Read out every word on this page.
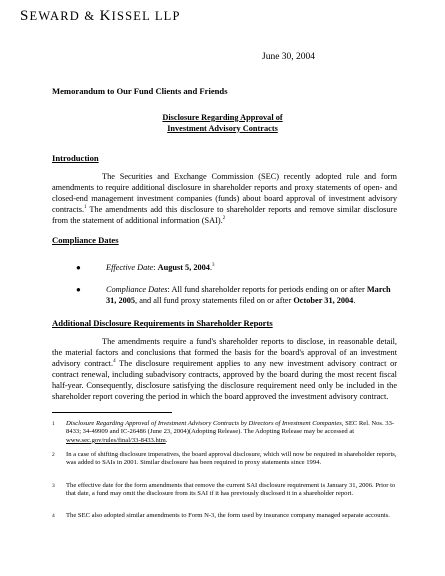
SEWARD & KISSEL LLP
June 30, 2004
Memorandum to Our Fund Clients and Friends
Disclosure Regarding Approval of
Investment Advisory Contracts
Introduction
The Securities and Exchange Commission (SEC) recently adopted rule and form amendments to require additional disclosure in shareholder reports and proxy statements of open- and closed-end management investment companies (funds) about board approval of investment advisory contracts.$^1$ The amendments add this disclosure to shareholder reports and remove similar disclosure from the statement of additional information (SAI).$^2$
Compliance Dates
●	Effective Date: August 5, 2004.$^3$
●	Compliance Dates: All fund shareholder reports for periods ending on or after March 31, 2005, and all fund proxy statements filed on or after October 31, 2004.
Additional Disclosure Requirements in Shareholder Reports
The amendments require a fund's shareholder reports to disclose, in reasonable detail, the material factors and conclusions that formed the basis for the board's approval of an investment advisory contract.$^4$ The disclosure requirement applies to any new investment advisory contract or contract renewal, including subadvisory contracts, approved by the board during the most recent fiscal half-year. Consequently, disclosure satisfying the disclosure requirement need only be included in the shareholder report covering the period in which the board approved the investment advisory contract.
1 Disclosure Regarding Approval of Investment Advisory Contracts by Directors of Investment Companies, SEC Rel. Nos. 33-8433; 34-49909 and IC-26486 (June 23, 2004)(Adopting Release). The Adopting Release may be accessed at www.sec.gov/rules/final/33-8433.htm.
2 In a case of shifting disclosure imperatives, the board approval disclosure, which will now be required in shareholder reports, was added to SAIs in 2001. Similar disclosure has been required in proxy statements since 1994.
3 The effective date for the form amendments that remove the current SAI disclosure requirement is January 31, 2006. Prior to that date, a fund may omit the disclosure from its SAI if it has previously disclosed it in a shareholder report.
4 The SEC also adopted similar amendments to Form N-3, the form used by insurance company managed separate accounts.
